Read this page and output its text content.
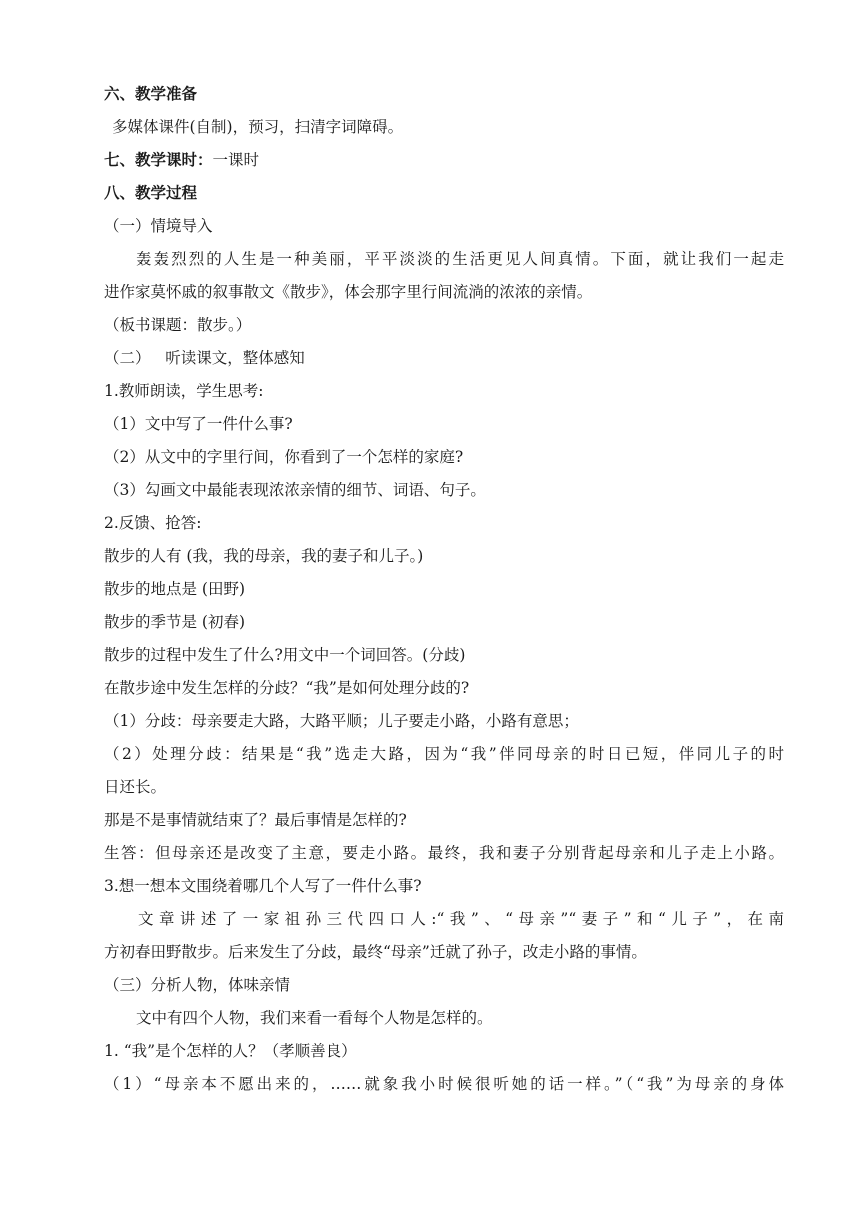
六、教学准备
多媒体课件(自制)，预习，扫清字词障碍。
七、教学课时：一课时
八、教学过程
（一）情境导入
轰轰烈烈的人生是一种美丽，平平淡淡的生活更见人间真情。下面，就让我们一起走
进作家莫怀戚的叙事散文《散步》，体会那字里行间流淌的浓浓的亲情。
（板书课题：散步。）
（二）   听读课文，整体感知
1.教师朗读，学生思考:
（1）文中写了一件什么事?
（2）从文中的字里行间，你看到了一个怎样的家庭?
（3）勾画文中最能表现浓浓亲情的细节、词语、句子。
2.反馈、抢答:
散步的人有 (我，我的母亲，我的妻子和儿子。)
散步的地点是 (田野)
散步的季节是 (初春)
散步的过程中发生了什么?用文中一个词回答。(分歧)
在散步途中发生怎样的分歧？“我”是如何处理分歧的?
（1）分歧：母亲要走大路，大路平顺；儿子要走小路，小路有意思；
（2）处理分歧：结果是“我”选走大路，因为“我”伴同母亲的时日已短，伴同儿子的时
日还长。
那是不是事情就结束了？最后事情是怎样的?
生答：但母亲还是改变了主意，要走小路。最终，我和妻子分别背起母亲和儿子走上小路。
3.想一想本文围绕着哪几个人写了一件什么事?
文章讲述了一家祖孙三代四口人:“我”、“母亲”“妻子”和“儿子”，在南
方初春田野散步。后来发生了分歧，最终“母亲”迁就了孙子，改走小路的事情。
（三）分析人物，体味亲情
文中有四个人物，我们来看一看每个人物是怎样的。
1. “我”是个怎样的人？（孝顺善良）
（1）“母亲本不愿出来的，……就象我小时候很听她的话一样。”（“我”为母亲的身体
